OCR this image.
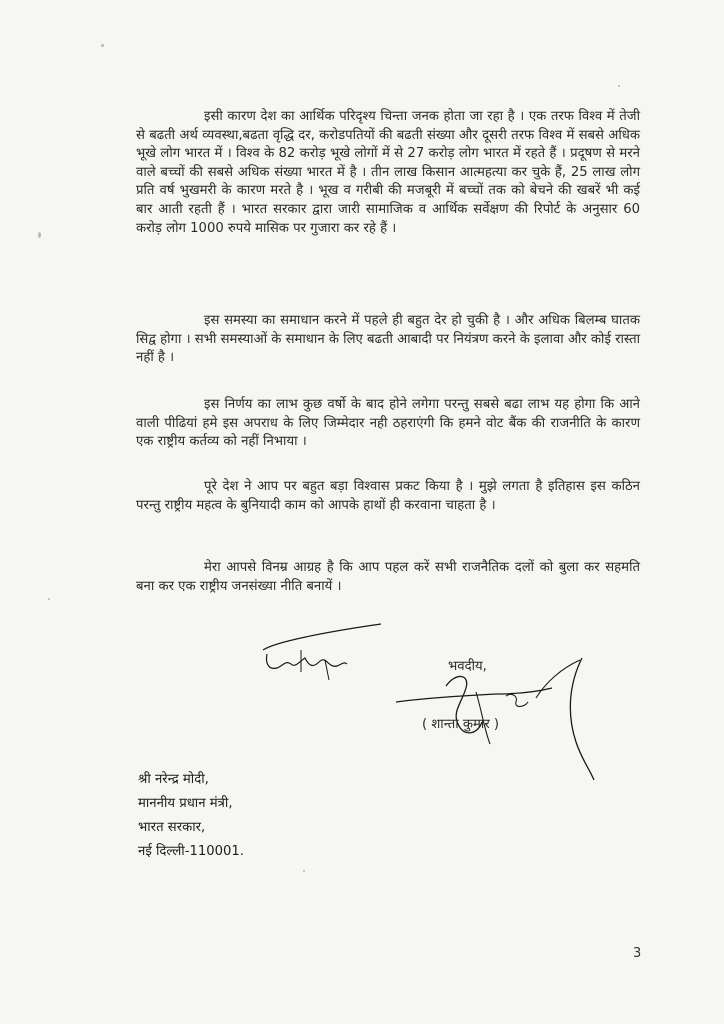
इसी कारण देश का आर्थिक परिदृश्य चिन्ता जनक होता जा रहा है । एक तरफ विश्व में तेजी से बढती अर्थ व्यवस्था,बढता वृद्धि दर, करोडपतियों की बढती संख्या और दूसरी तरफ विश्व में सबसे अधिक भूखे लोग भारत में । विश्व के 82 करोड़ भूखे लोगों में से 27 करोड़ लोग भारत में रहते हैं । प्रदूषण से मरने वाले बच्चों की सबसे अधिक संख्या भारत में है । तीन लाख किसान आत्महत्या कर चुके हैं, 25 लाख लोग प्रति वर्ष भुखमरी के कारण मरते है । भूख व गरीबी की मजबूरी में बच्चों तक को बेचने की खबरें भी कई बार आती रहती हैं । भारत सरकार द्वारा जारी सामाजिक व आर्थिक सर्वेक्षण की रिपोर्ट के अनुसार 60 करोड़ लोग 1000 रुपये मासिक पर गुजारा कर रहे हैं ।

इस समस्या का समाधान करने में पहले ही बहुत देर हो चुकी है । और अधिक बिलम्ब घातक सिद्व होगा । सभी समस्याओं के समाधान के लिए बढती आबादी पर नियंत्रण करने के इलावा और कोई रास्ता नहीं है ।

इस निर्णय का लाभ कुछ वर्षो के बाद होने लगेगा परन्तु सबसे बढा लाभ यह होगा कि आने वाली पीढियां हमे इस अपराध के लिए जिम्मेदार नही ठहराएंगी कि हमने वोट बैंक की राजनीति के कारण एक राष्ट्रीय कर्तव्य को नहीं निभाया ।

पूरे देश ने आप पर बहुत बड़ा विश्वास प्रकट किया है । मुझे लगता है इतिहास इस कठिन परन्तु राष्ट्रीय महत्व के बुनियादी काम को आपके हाथों ही करवाना चाहता है ।

मेरा आपसे विनम्र आग्रह है कि आप पहल करें सभी राजनैतिक दलों को बुला कर सहमति बना कर एक राष्ट्रीय जनसंख्या नीति बनायें ।

भवदीय,
( शान्ता कुमार )
श्री नरेन्द्र मोदी,
माननीय प्रधान मंत्री,
भारत सरकार,
नई दिल्ली-110001.
3
